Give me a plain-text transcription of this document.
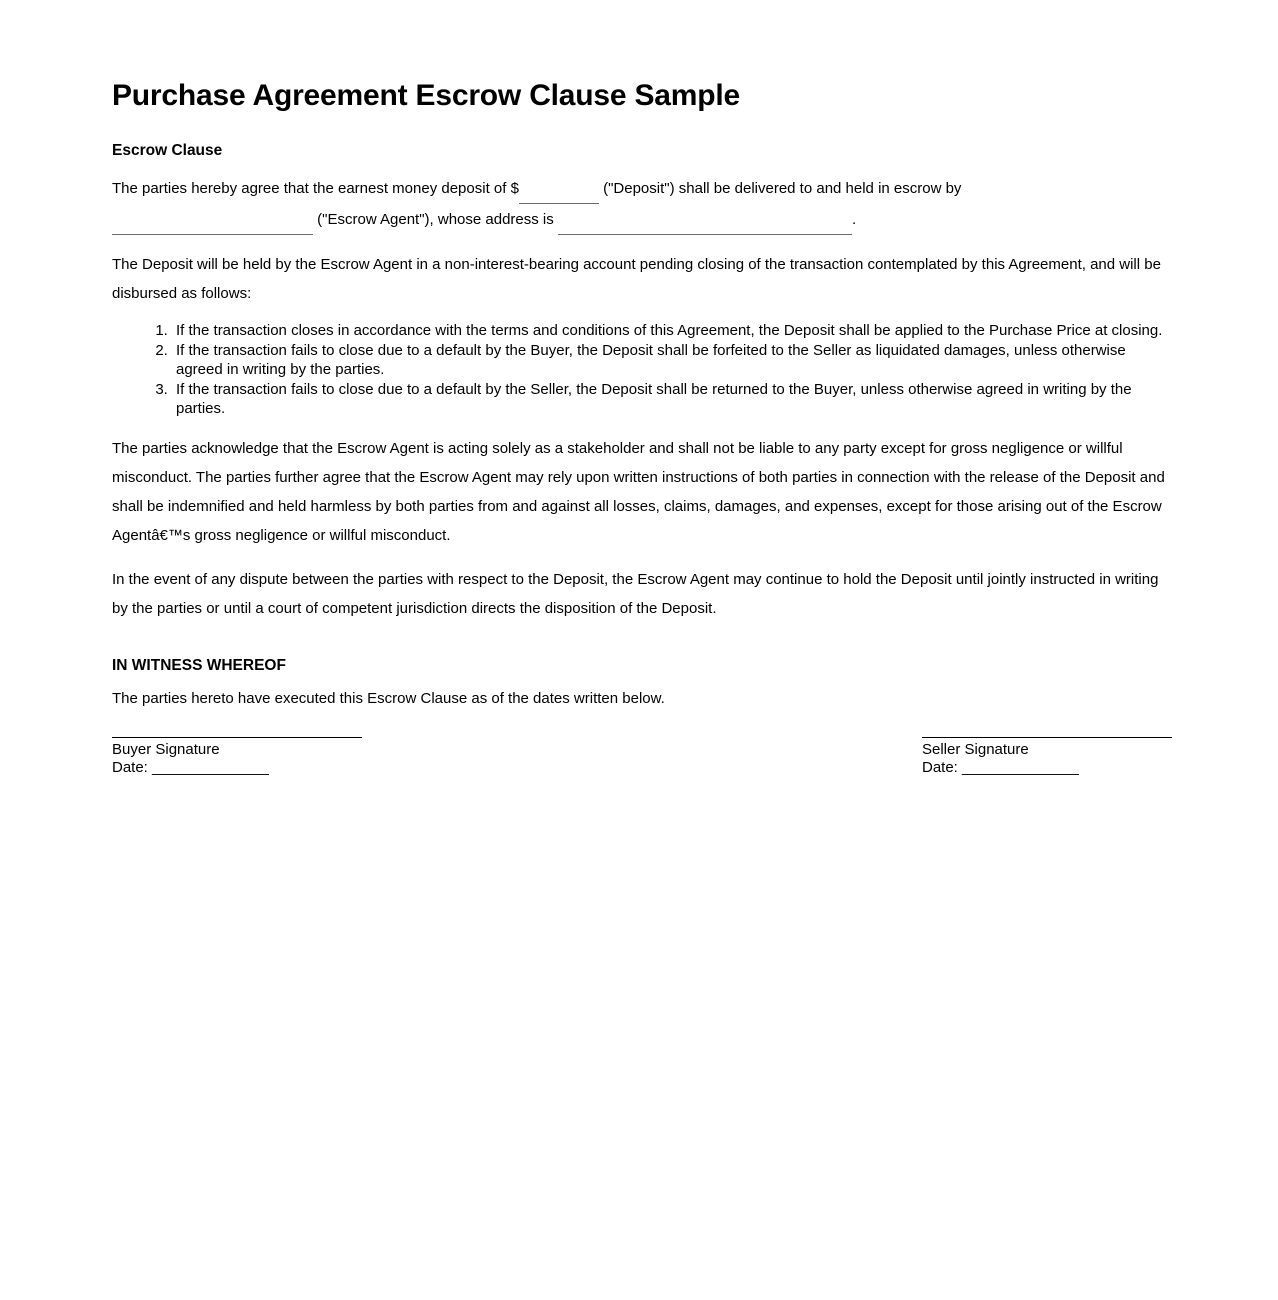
Purchase Agreement Escrow Clause Sample
Escrow Clause

The parties hereby agree that the earnest money deposit of $	("Deposit") shall be delivered to and held in escrow by
("Escrow Agent"), whose address is	.

The Deposit will be held by the Escrow Agent in a non-interest-bearing account pending closing of the transaction contemplated by this Agreement, and will be disbursed as follows:

1. If the transaction closes in accordance with the terms and conditions of this Agreement, the Deposit shall be applied to the Purchase Price at closing.
2. If the transaction fails to close due to a default by the Buyer, the Deposit shall be forfeited to the Seller as liquidated damages, unless otherwise agreed in writing by the parties.
3. If the transaction fails to close due to a default by the Seller, the Deposit shall be returned to the Buyer, unless otherwise agreed in writing by the parties.

The parties acknowledge that the Escrow Agent is acting solely as a stakeholder and shall not be liable to any party except for gross negligence or willful misconduct. The parties further agree that the Escrow Agent may rely upon written instructions of both parties in connection with the release of the Deposit and shall be indemnified and held harmless by both parties from and against all losses, claims, damages, and expenses, except for those arising out of the Escrow Agentâ€™s gross negligence or willful misconduct.

In the event of any dispute between the parties with respect to the Deposit, the Escrow Agent may continue to hold the Deposit until jointly instructed in writing by the parties or until a court of competent jurisdiction directs the disposition of the Deposit.

IN WITNESS WHEREOF

The parties hereto have executed this Escrow Clause as of the dates written below.

Buyer Signature
Date: ______________
Seller Signature
Date: ______________
